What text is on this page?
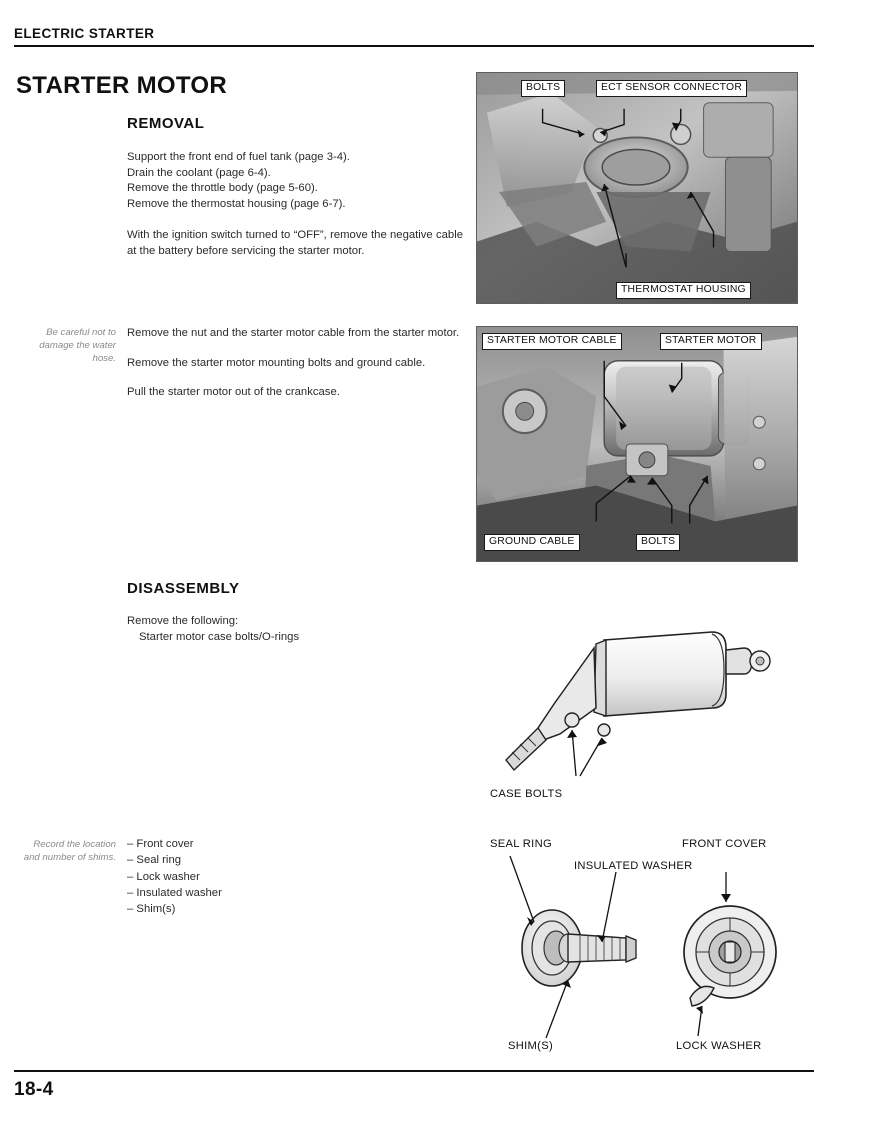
ELECTRIC STARTER
STARTER MOTOR
REMOVAL

Support the front end of fuel tank (page 3-4).
Drain the coolant (page 6-4).
Remove the throttle body (page 5-60).
Remove the thermostat housing (page 6-7).

With the ignition switch turned to “OFF”, remove the negative cable at the battery before servicing the starter motor.

Be careful not to damage the water hose.

Remove the nut and the starter motor cable from the starter motor.

Remove the starter motor mounting bolts and ground cable.

Pull the starter motor out of the crankcase.

DISASSEMBLY

Remove the following:

Starter motor case bolts/O-rings

Record the location and number of shims.
– Front cover
– Seal ring
– Lock washer
– Insulated washer
– Shim(s)
BOLTS	ECT SENSOR CONNECTOR
THERMOSTAT HOUSING
STARTER MOTOR CABLE	STARTER MOTOR
GROUND CABLE	BOLTS
CASE BOLTS
SEAL RING
INSULATED WASHER
FRONT COVER
SHIM(S)	LOCK WASHER
18-4
